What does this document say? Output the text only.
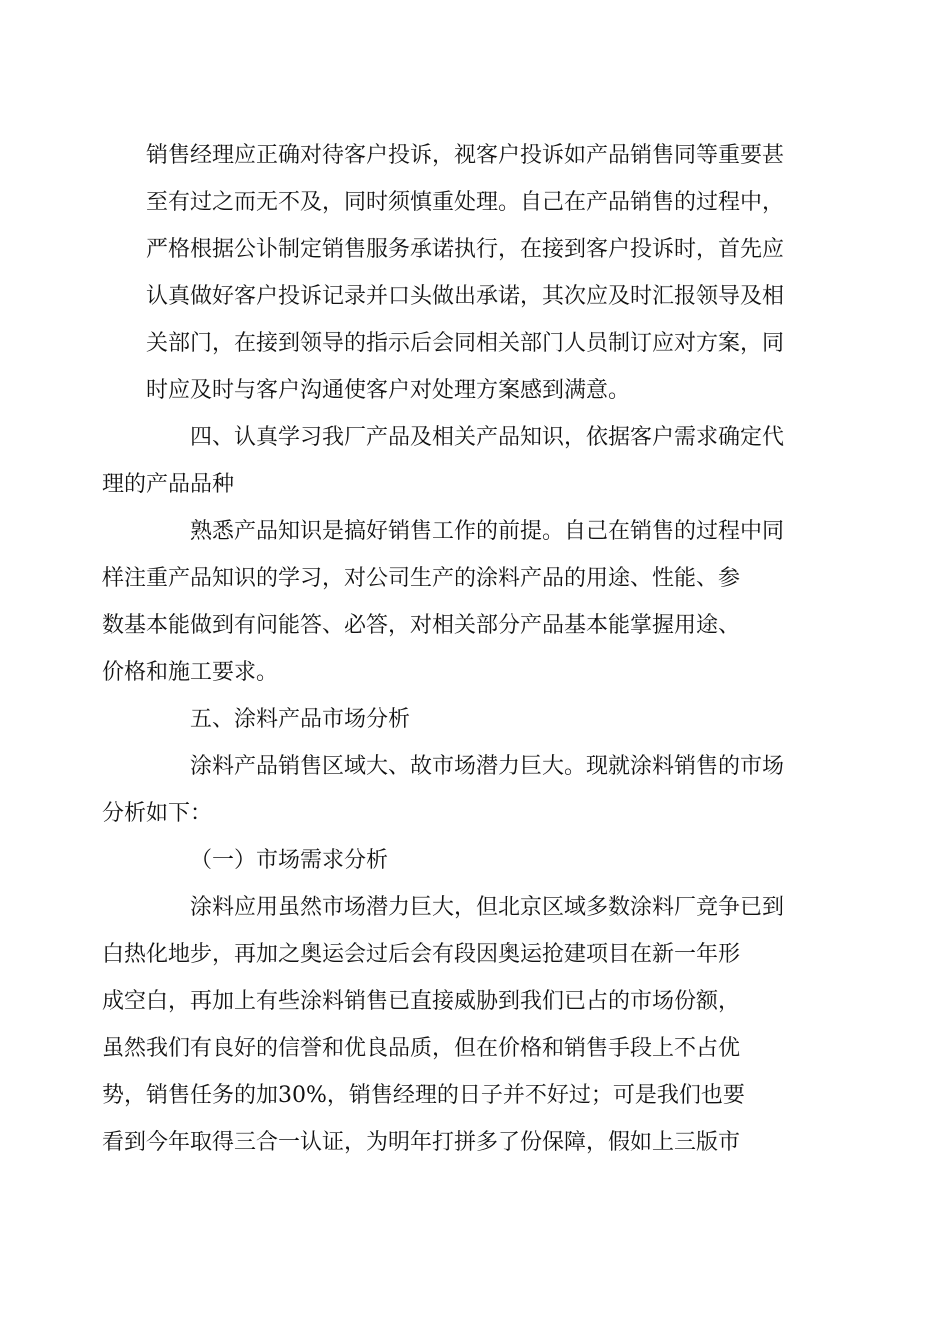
销售经理应正确对待客户投诉，视客户投诉如产品销售同等重要甚
至有过之而无不及，同时须慎重处理。自己在产品销售的过程中，
严格根据公讣制定销售服务承诺执行，在接到客户投诉时，首先应
认真做好客户投诉记录并口头做出承诺，其次应及时汇报领导及相
关部门，在接到领导的指示后会同相关部门人员制订应对方案，同
时应及时与客户沟通使客户对处理方案感到满意。

四、认真学习我厂产品及相关产品知识，依据客户需求确定代
理的产品品种

熟悉产品知识是搞好销售工作的前提。自己在销售的过程中同
样注重产品知识的学习，对公司生产的涂料产品的用途、性能、参
数基本能做到有问能答、必答，对相关部分产品基本能掌握用途、
价格和施工要求。

五、涂料产品市场分析

涂料产品销售区域大、故市场潜力巨大。现就涂料销售的市场
分析如下：

（一）市场需求分析

涂料应用虽然市场潜力巨大，但北京区域多数涂料厂竞争已到
白热化地步，再加之奥运会过后会有段因奥运抢建项目在新一年形
成空白，再加上有些涂料销售已直接威胁到我们已占的市场份额，
虽然我们有良好的信誉和优良品质，但在价格和销售手段上不占优
势，销售任务的加30%，销售经理的日子并不好过；可是我们也要
看到今年取得三合一认证，为明年打拼多了份保障，假如上三版市
